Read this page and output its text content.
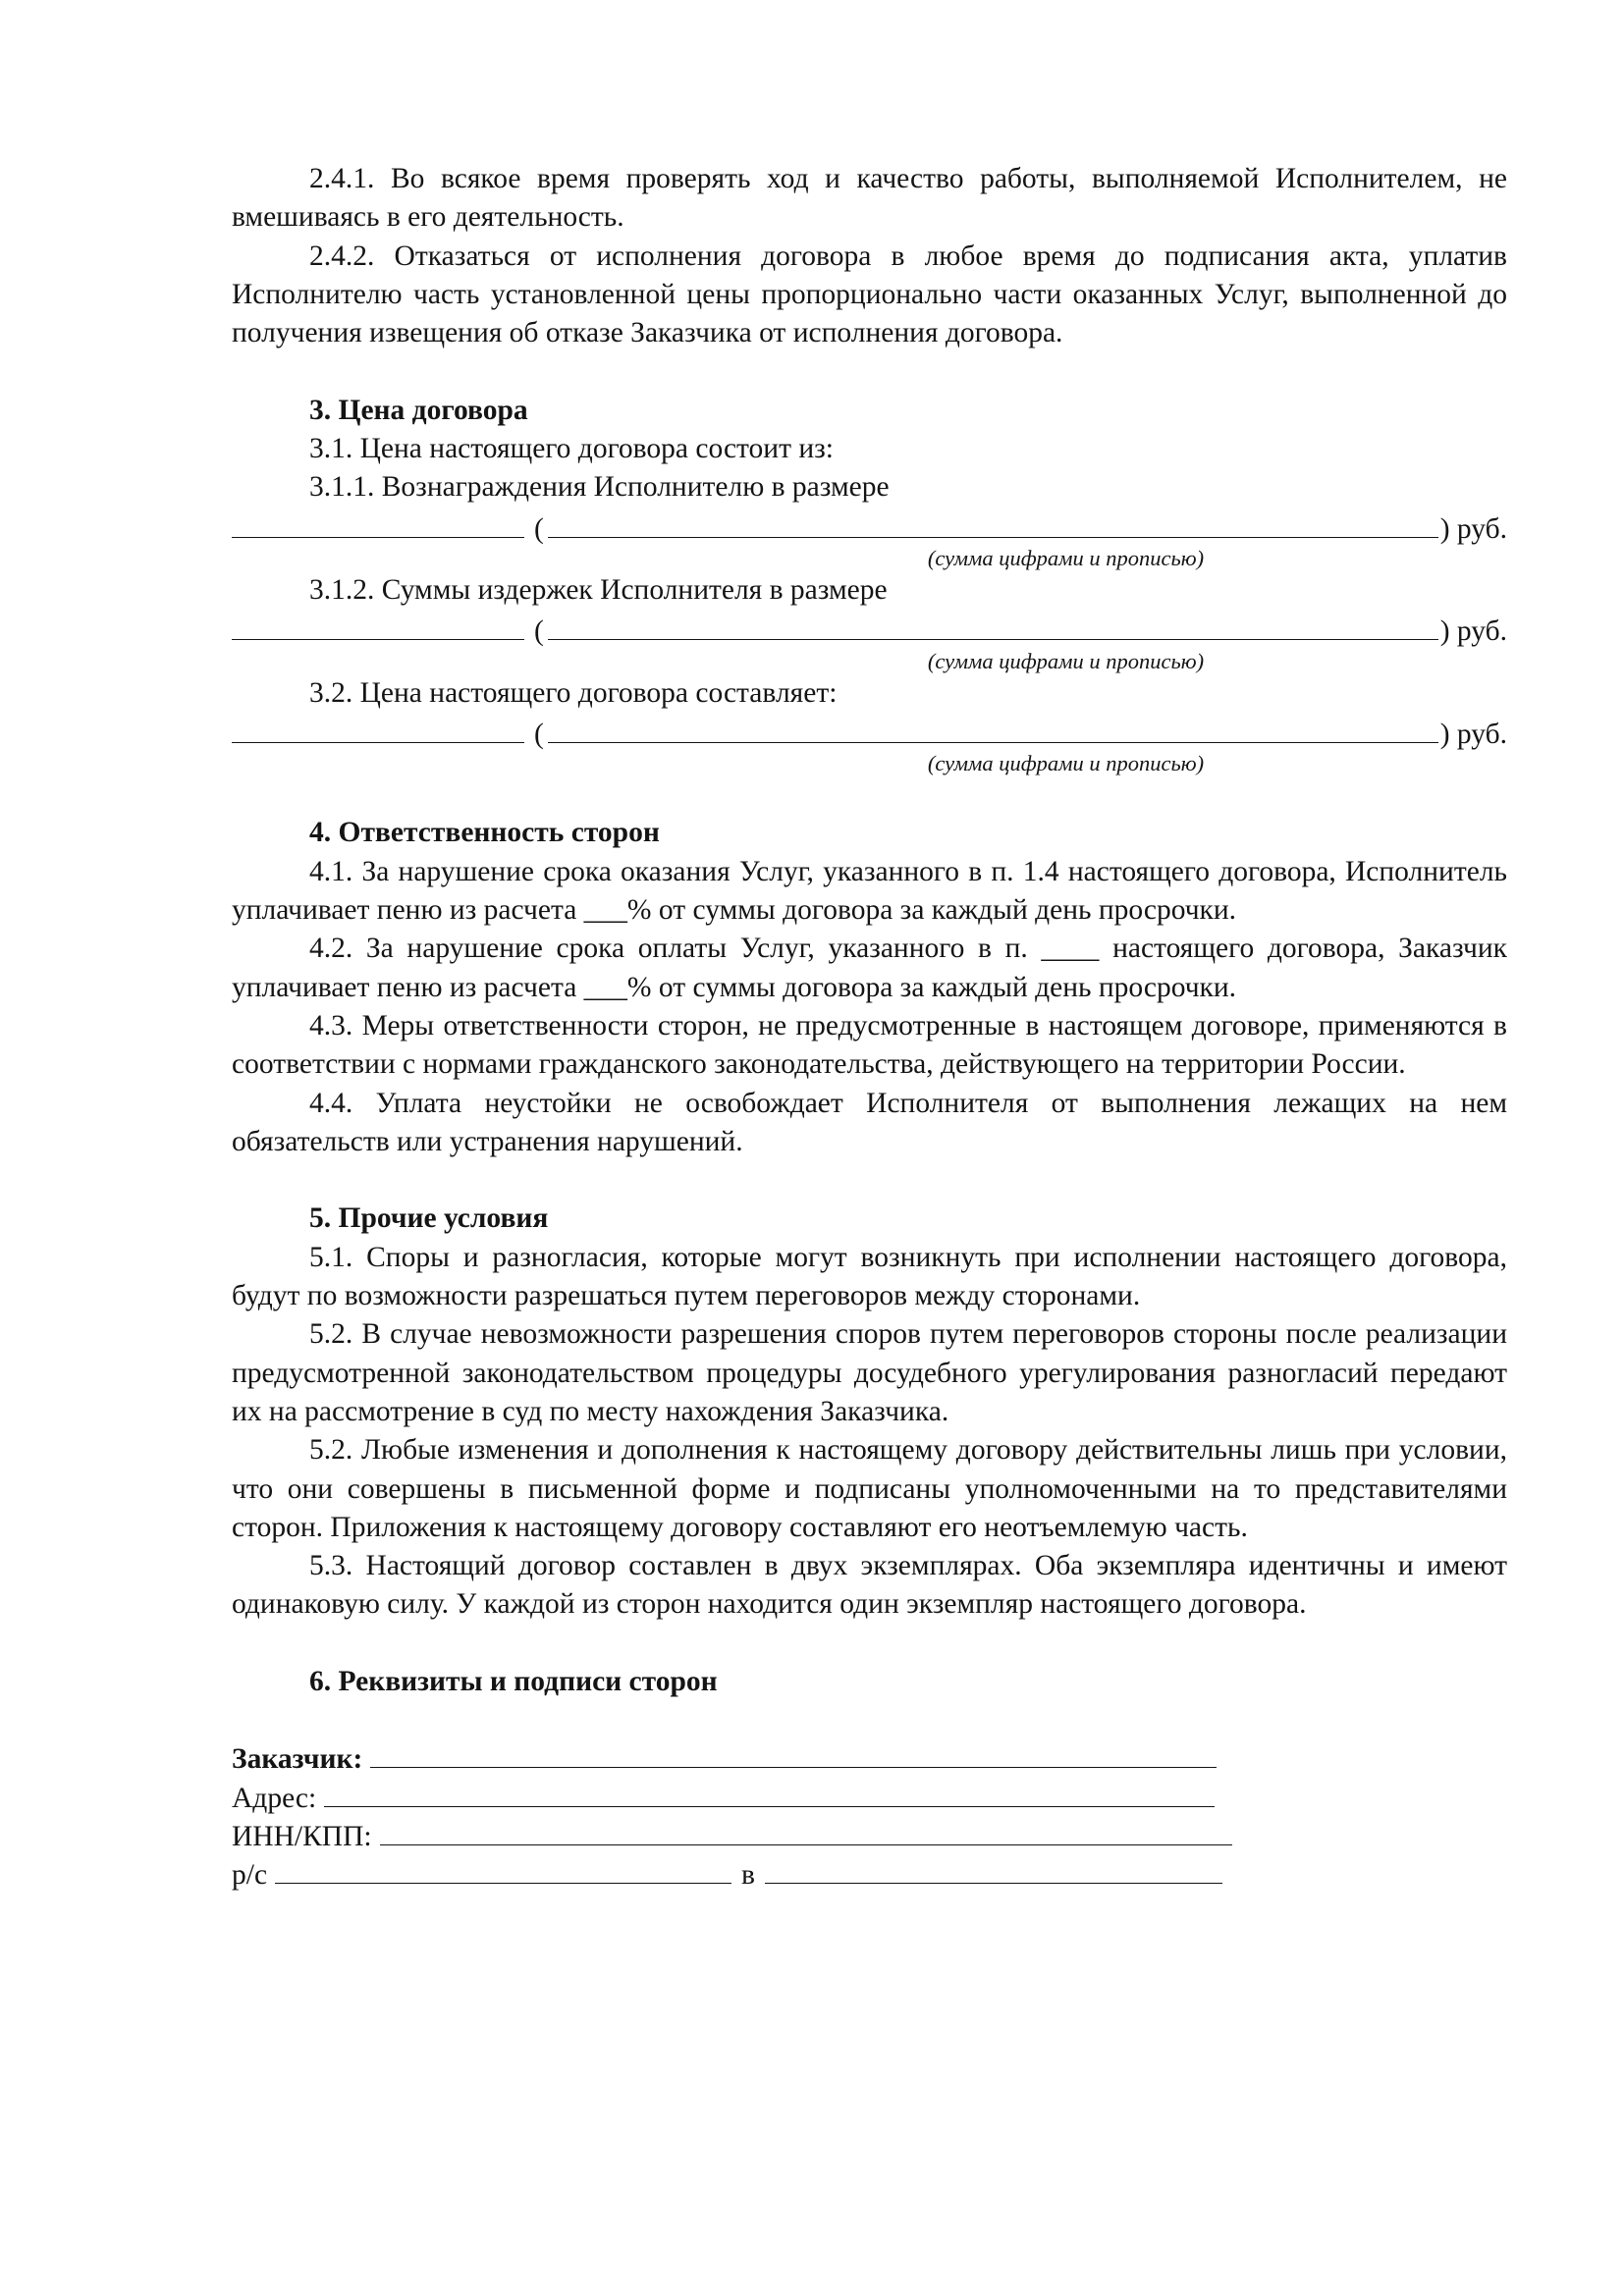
2.4.1. Во всякое время проверять ход и качество работы, выполняемой Исполнителем, не вмешиваясь в его деятельность.

2.4.2. Отказаться от исполнения договора в любое время до подписания акта, уплатив Исполнителю часть установленной цены пропорционально части оказанных Услуг, выполненной до получения извещения об отказе Заказчика от исполнения договора.

3. Цена договора

3.1. Цена настоящего договора состоит из:

3.1.1. Вознаграждения Исполнителю в размере

(	) руб.

(сумма цифрами и прописью)

3.1.2. Суммы издержек Исполнителя в размере

(	) руб.

(сумма цифрами и прописью)

3.2. Цена настоящего договора составляет:

(	) руб.

(сумма цифрами и прописью)

4. Ответственность сторон

4.1. За нарушение срока оказания Услуг, указанного в п. 1.4 настоящего договора, Исполнитель уплачивает пеню из расчета ___% от суммы договора за каждый день просрочки.

4.2. За нарушение срока оплаты Услуг, указанного в п. ____ настоящего договора, Заказчик уплачивает пеню из расчета ___% от суммы договора за каждый день просрочки.

4.3. Меры ответственности сторон, не предусмотренные в настоящем договоре, применяются в соответствии с нормами гражданского законодательства, действующего на территории России.

4.4. Уплата неустойки не освобождает Исполнителя от выполнения лежащих на нем обязательств или устранения нарушений.

5. Прочие условия

5.1. Споры и разногласия, которые могут возникнуть при исполнении настоящего договора, будут по возможности разрешаться путем переговоров между сторонами.

5.2. В случае невозможности разрешения споров путем переговоров стороны после реализации предусмотренной законодательством процедуры досудебного урегулирования разногласий передают их на рассмотрение в суд по месту нахождения Заказчика.

5.2. Любые изменения и дополнения к настоящему договору действительны лишь при условии, что они совершены в письменной форме и подписаны уполномоченными на то представителями сторон. Приложения к настоящему договору составляют его неотъемлемую часть.

5.3. Настоящий договор составлен в двух экземплярах. Оба экземпляра идентичны и имеют одинаковую силу. У каждой из сторон находится один экземпляр настоящего договора.

6. Реквизиты и подписи сторон

Заказчик:
Адрес:
ИНН/КПП:
р/с	в
